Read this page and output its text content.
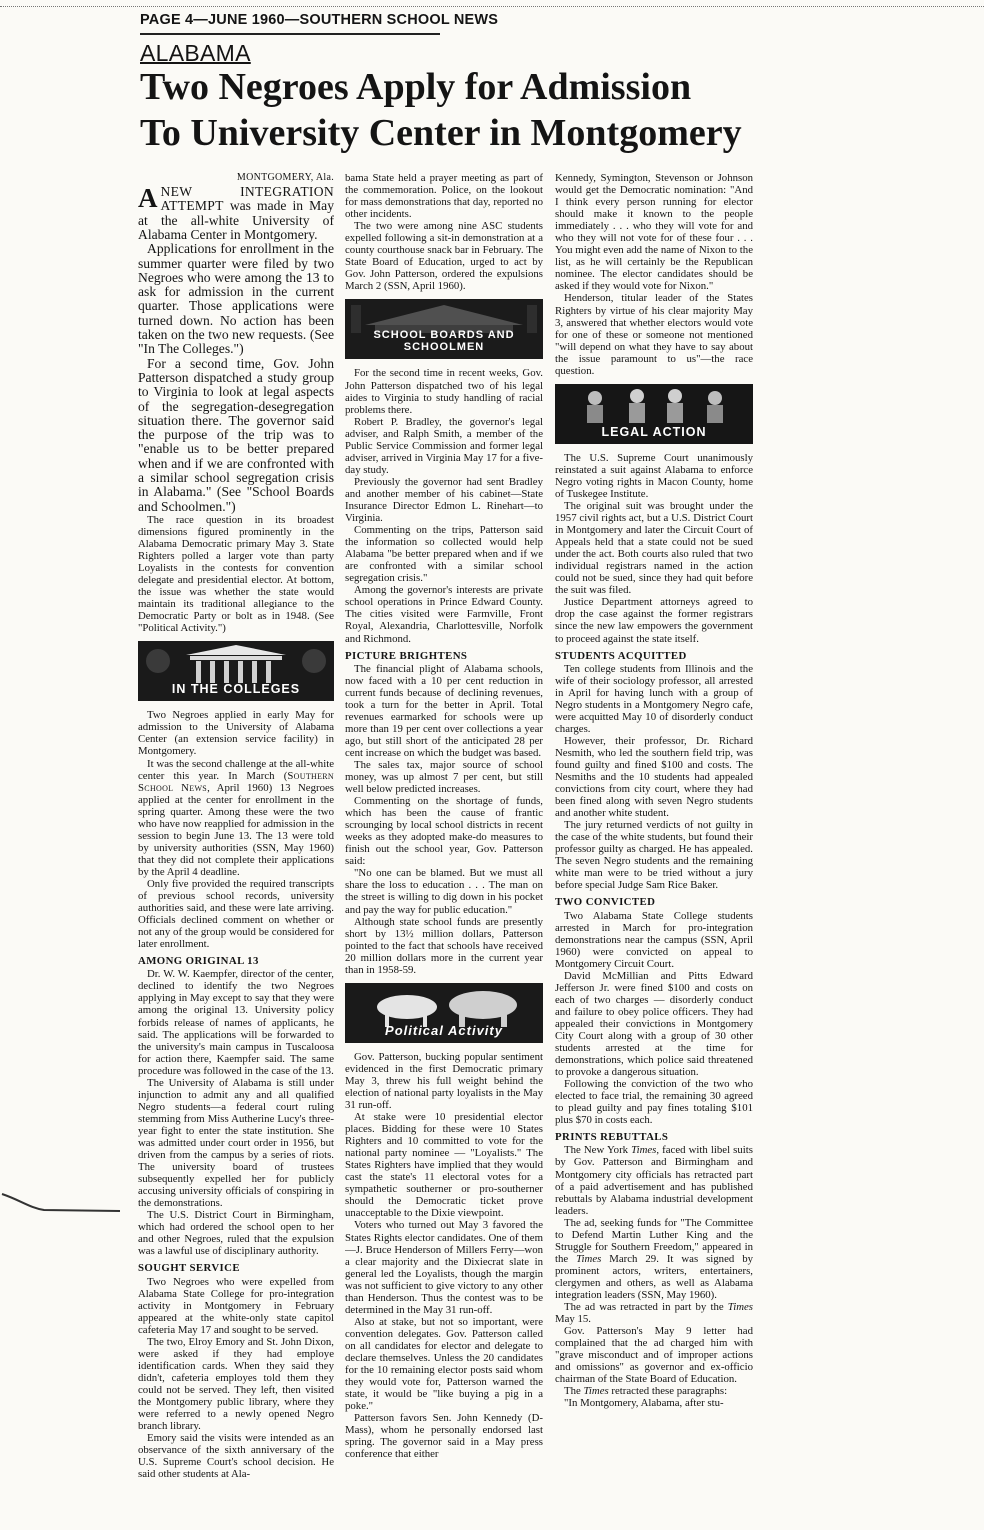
PAGE 4—JUNE 1960—SOUTHERN SCHOOL NEWS
ALABAMA
Two Negroes Apply for Admission
To University Center in Montgomery
MONTGOMERY, Ala.

ANEW INTEGRATION ATTEMPT was made in May at the all-white University of Alabama Center in Montgomery.

Applications for enrollment in the summer quarter were filed by two Negroes who were among the 13 to ask for admission in the current quarter. Those applications were turned down. No action has been taken on the two new requests. (See "In The Colleges.")

For a second time, Gov. John Patterson dispatched a study group to Virginia to look at legal aspects of the segregation-desegregation situation there. The governor said the purpose of the trip was to "enable us to be better prepared when and if we are confronted with a similar school segregation crisis in Alabama." (See "School Boards and Schoolmen.")

The race question in its broadest dimensions figured prominently in the Alabama Democratic primary May 3. State Righters polled a larger vote than party Loyalists in the contests for convention delegate and presidential elector. At bottom, the issue was whether the state would maintain its traditional allegiance to the Democratic Party or bolt as in 1948. (See "Political Activity.")

IN THE COLLEGES

Two Negroes applied in early May for admission to the University of Alabama Center (an extension service facility) in Montgomery.

It was the second challenge at the all-white center this year. In March (Southern School News, April 1960) 13 Negroes applied at the center for enrollment in the spring quarter. Among these were the two who have now reapplied for admission in the session to begin June 13. The 13 were told by university authorities (SSN, May 1960) that they did not complete their applications by the April 4 deadline.

Only five provided the required transcripts of previous school records, university authorities said, and these were late arriving. Officials declined comment on whether or not any of the group would be considered for later enrollment.

AMONG ORIGINAL 13

Dr. W. W. Kaempfer, director of the center, declined to identify the two Negroes applying in May except to say that they were among the original 13. University policy forbids release of names of applicants, he said. The applications will be forwarded to the university's main campus in Tuscaloosa for action there, Kaempfer said. The same procedure was followed in the case of the 13.

The University of Alabama is still under injunction to admit any and all qualified Negro students—a federal court ruling stemming from Miss Autherine Lucy's three-year fight to enter the state institution. She was admitted under court order in 1956, but driven from the campus by a series of riots. The university board of trustees subsequently expelled her for publicly accusing university officials of conspiring in the demonstrations.

The U.S. District Court in Birmingham, which had ordered the school open to her and other Negroes, ruled that the expulsion was a lawful use of disciplinary authority.

SOUGHT SERVICE

Two Negroes who were expelled from Alabama State College for pro-integration activity in Montgomery in February appeared at the white-only state capitol cafeteria May 17 and sought to be served.

The two, Elroy Emory and St. John Dixon, were asked if they had employe identification cards. When they said they didn't, cafeteria employes told them they could not be served. They left, then visited the Montgomery public library, where they were referred to a newly opened Negro branch library.

Emory said the visits were intended as an observance of the sixth anniversary of the U.S. Supreme Court's school decision. He said other students at Ala-

bama State held a prayer meeting as part of the commemoration. Police, on the lookout for mass demonstrations that day, reported no other incidents.

The two were among nine ASC students expelled following a sit-in demonstration at a county courthouse snack bar in February. The State Board of Education, urged to act by Gov. John Patterson, ordered the expulsions March 2 (SSN, April 1960).

SCHOOL BOARDS AND SCHOOLMEN

For the second time in recent weeks, Gov. John Patterson dispatched two of his legal aides to Virginia to study handling of racial problems there.

Robert P. Bradley, the governor's legal adviser, and Ralph Smith, a member of the Public Service Commission and former legal adviser, arrived in Virginia May 17 for a five-day study.

Previously the governor had sent Bradley and another member of his cabinet—State Insurance Director Edmon L. Rinehart—to Virginia.

Commenting on the trips, Patterson said the information so collected would help Alabama "be better prepared when and if we are confronted with a similar school segregation crisis."

Among the governor's interests are private school operations in Prince Edward County. The cities visited were Farmville, Front Royal, Alexandria, Charlottesville, Norfolk and Richmond.

PICTURE BRIGHTENS

The financial plight of Alabama schools, now faced with a 10 per cent reduction in current funds because of declining revenues, took a turn for the better in April. Total revenues earmarked for schools were up more than 19 per cent over collections a year ago, but still short of the anticipated 28 per cent increase on which the budget was based.

The sales tax, major source of school money, was up almost 7 per cent, but still well below predicted increases.

Commenting on the shortage of funds, which has been the cause of frantic scrounging by local school districts in recent weeks as they adopted make-do measures to finish out the school year, Gov. Patterson said:

"No one can be blamed. But we must all share the loss to education . . . The man on the street is willing to dig down in his pocket and pay the way for public education."

Although state school funds are presently short by 13½ million dollars, Patterson pointed to the fact that schools have received 20 million dollars more in the current year than in 1958-59.

Political Activity

Gov. Patterson, bucking popular sentiment evidenced in the first Democratic primary May 3, threw his full weight behind the election of national party loyalists in the May 31 run-off.

At stake were 10 presidential elector places. Bidding for these were 10 States Righters and 10 committed to vote for the national party nominee — "Loyalists." The States Righters have implied that they would cast the state's 11 electoral votes for a sympathetic southerner or pro-southerner should the Democratic ticket prove unacceptable to the Dixie viewpoint.

Voters who turned out May 3 favored the States Rights elector candidates. One of them—J. Bruce Henderson of Millers Ferry—won a clear majority and the Dixiecrat slate in general led the Loyalists, though the margin was not sufficient to give victory to any other than Henderson. Thus the contest was to be determined in the May 31 run-off.

Also at stake, but not so important, were convention delegates. Gov. Patterson called on all candidates for elector and delegate to declare themselves. Unless the 20 candidates for the 10 remaining elector posts said whom they would vote for, Patterson warned the state, it would be "like buying a pig in a poke."

Patterson favors Sen. John Kennedy (D-Mass), whom he personally endorsed last spring. The governor said in a May press conference that either

Kennedy, Symington, Stevenson or Johnson would get the Democratic nomination: "And I think every person running for elector should make it known to the people immediately . . . who they will vote for and who they will not vote for of these four . . . You might even add the name of Nixon to the list, as he will certainly be the Republican nominee. The elector candidates should be asked if they would vote for Nixon."

Henderson, titular leader of the States Righters by virtue of his clear majority May 3, answered that whether electors would vote for one of these or someone not mentioned "will depend on what they have to say about the issue paramount to us"—the race question.

LEGAL ACTION

The U.S. Supreme Court unanimously reinstated a suit against Alabama to enforce Negro voting rights in Macon County, home of Tuskegee Institute.

The original suit was brought under the 1957 civil rights act, but a U.S. District Court in Montgomery and later the Circuit Court of Appeals held that a state could not be sued under the act. Both courts also ruled that two individual registrars named in the action could not be sued, since they had quit before the suit was filed.

Justice Department attorneys agreed to drop the case against the former registrars since the new law empowers the government to proceed against the state itself.

STUDENTS ACQUITTED

Ten college students from Illinois and the wife of their sociology professor, all arrested in April for having lunch with a group of Negro students in a Montgomery Negro cafe, were acquitted May 10 of disorderly conduct charges.

However, their professor, Dr. Richard Nesmith, who led the southern field trip, was found guilty and fined $100 and costs. The Nesmiths and the 10 students had appealed convictions from city court, where they had been fined along with seven Negro students and another white student.

The jury returned verdicts of not guilty in the case of the white students, but found their professor guilty as charged. He has appealed. The seven Negro students and the remaining white man were to be tried without a jury before special Judge Sam Rice Baker.

TWO CONVICTED

Two Alabama State College students arrested in March for pro-integration demonstrations near the campus (SSN, April 1960) were convicted on appeal to Montgomery Circuit Court.

David McMillian and Pitts Edward Jefferson Jr. were fined $100 and costs on each of two charges — disorderly conduct and failure to obey police officers. They had appealed their convictions in Montgomery City Court along with a group of 30 other students arrested at the time for demonstrations, which police said threatened to provoke a dangerous situation.

Following the conviction of the two who elected to face trial, the remaining 30 agreed to plead guilty and pay fines totaling $101 plus $70 in costs each.

PRINTS REBUTTALS

The New York Times, faced with libel suits by Gov. Patterson and Birmingham and Montgomery city officials has retracted part of a paid advertisement and has published rebuttals by Alabama industrial development leaders.

The ad, seeking funds for "The Committee to Defend Martin Luther King and the Struggle for Southern Freedom," appeared in the Times March 29. It was signed by prominent actors, writers, entertainers, clergymen and others, as well as Alabama integration leaders (SSN, May 1960).

The ad was retracted in part by the Times May 15.

Gov. Patterson's May 9 letter had complained that the ad charged him with "grave misconduct and of improper actions and omissions" as governor and ex-officio chairman of the State Board of Education.

The Times retracted these paragraphs:

"In Montgomery, Alabama, after stu-
